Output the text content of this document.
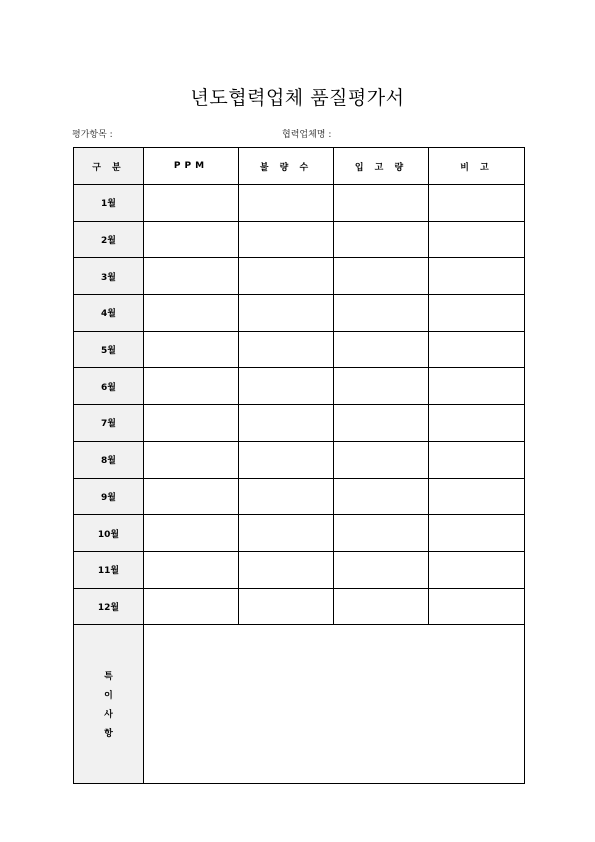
년도협력업체 품질평가서
평가항목 :	협력업체명 :
구 분	PPM	불 량 수	입 고 량	비 고
1월				
2월				
3월				
4월				
5월				
6월				
7월				
8월				
9월				
10월				
11월				
12월				

특
이
사
항				
